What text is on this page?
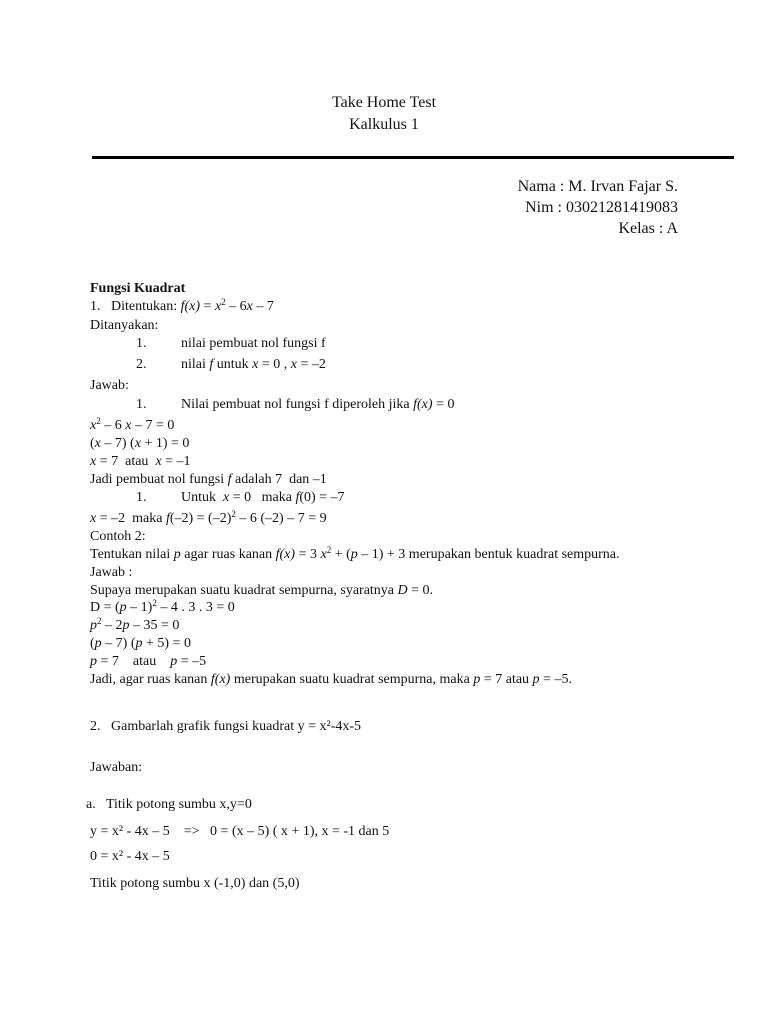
Take Home Test
Kalkulus 1
Nama : M. Irvan Fajar S.
Nim : 03021281419083
Kelas : A
Fungsi Kuadrat
1.   Ditentukan: $f(x) = x^2 - 6x - 7$
Ditanyakan:
1. nilai pembuat nol fungsi f
2. nilai f untuk x = 0 , x = –2
Jawab:
1. Nilai pembuat nol fungsi f diperoleh jika f(x) = 0
$x^2 - 6$ x – 7 = 0
(x – 7) (x + 1) = 0
x = 7  atau  x = –1
Jadi pembuat nol fungsi f adalah 7  dan –1
1. Untuk  x = 0   maka f(0) = –7
x = –2  maka $f(-2) = (-2)^2 - 6$ (–2) – 7 = 9
Contoh 2:
Tentukan nilai p agar ruas kanan f(x) = 3 $x^2 + (p - 1) + 3$ merupakan bentuk kuadrat sempurna.
Jawab :
Supaya merupakan suatu kuadrat sempurna, syaratnya D = 0.
D = (p – 1)$^2$ – 4 . 3 . 3 = 0
$p^2 - 2p - 35 = 0$
(p – 7) (p + 5) = 0
p = 7    atau    p = –5
Jadi, agar ruas kanan f(x) merupakan suatu kuadrat sempurna, maka p = 7 atau p = –5.
2.   Gambarlah grafik fungsi kuadrat y = x²-4x-5
Jawaban:
a.   Titik potong sumbu x,y=0
y = x² - 4x – 5    =>   0 = (x – 5) ( x + 1), x = -1 dan 5
0 = x² - 4x – 5
Titik potong sumbu x (-1,0) dan (5,0)
